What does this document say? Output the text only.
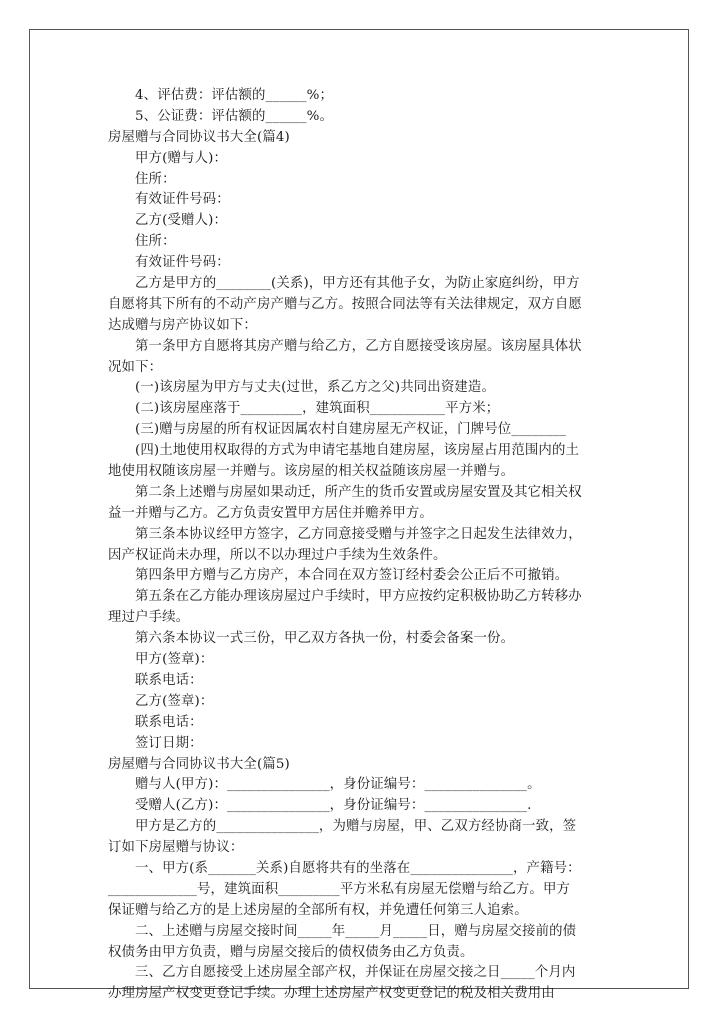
4、评估费：评估额的______%；
5、公证费：评估额的______%。
房屋赠与合同协议书大全(篇4)
甲方(赠与人)：
住所：
有效证件号码：
乙方(受赠人)：
住所：
有效证件号码：
乙方是甲方的________(关系)，甲方还有其他子女，为防止家庭纠纷，甲方
自愿将其下所有的不动产房产赠与乙方。按照合同法等有关法律规定，双方自愿
达成赠与房产协议如下：
第一条甲方自愿将其房产赠与给乙方，乙方自愿接受该房屋。该房屋具体状
况如下：
(一)该房屋为甲方与丈夫(过世，系乙方之父)共同出资建造。
(二)该房屋座落于_________，建筑面积___________平方米；
(三)赠与房屋的所有权证因属农村自建房屋无产权证，门牌号位________
(四)土地使用权取得的方式为申请宅基地自建房屋，该房屋占用范围内的土
地使用权随该房屋一并赠与。该房屋的相关权益随该房屋一并赠与。
第二条上述赠与房屋如果动迁，所产生的货币安置或房屋安置及其它相关权
益一并赠与乙方。乙方负责安置甲方居住并赡养甲方。
第三条本协议经甲方签字，乙方同意接受赠与并签字之日起发生法律效力，
因产权证尚未办理，所以不以办理过户手续为生效条件。
第四条甲方赠与乙方房产，本合同在双方签订经村委会公正后不可撤销。
第五条在乙方能办理该房屋过户手续时，甲方应按约定积极协助乙方转移办
理过户手续。
第六条本协议一式三份，甲乙双方各执一份，村委会备案一份。
甲方(签章)：
联系电话：
乙方(签章)：
联系电话：
签订日期：
房屋赠与合同协议书大全(篇5)
赠与人(甲方)：_______________，身份证编号：_______________。
受赠人(乙方)：_______________，身份证编号：_______________.
甲方是乙方的_______________，为赠与房屋，甲、乙双方经协商一致，签
订如下房屋赠与协议：
一、甲方(系_______关系)自愿将共有的坐落在_______________，产籍号：
_____________号，建筑面积_________平方米私有房屋无偿赠与给乙方。甲方
保证赠与给乙方的是上述房屋的全部所有权，并免遭任何第三人追索。
二、上述赠与房屋交接时间_____年_____月_____日，赠与房屋交接前的债
权债务由甲方负责，赠与房屋交接后的债权债务由乙方负责。
三、乙方自愿接受上述房屋全部产权，并保证在房屋交接之日_____个月内
办理房屋产权变更登记手续。办理上述房屋产权变更登记的税及相关费用由
